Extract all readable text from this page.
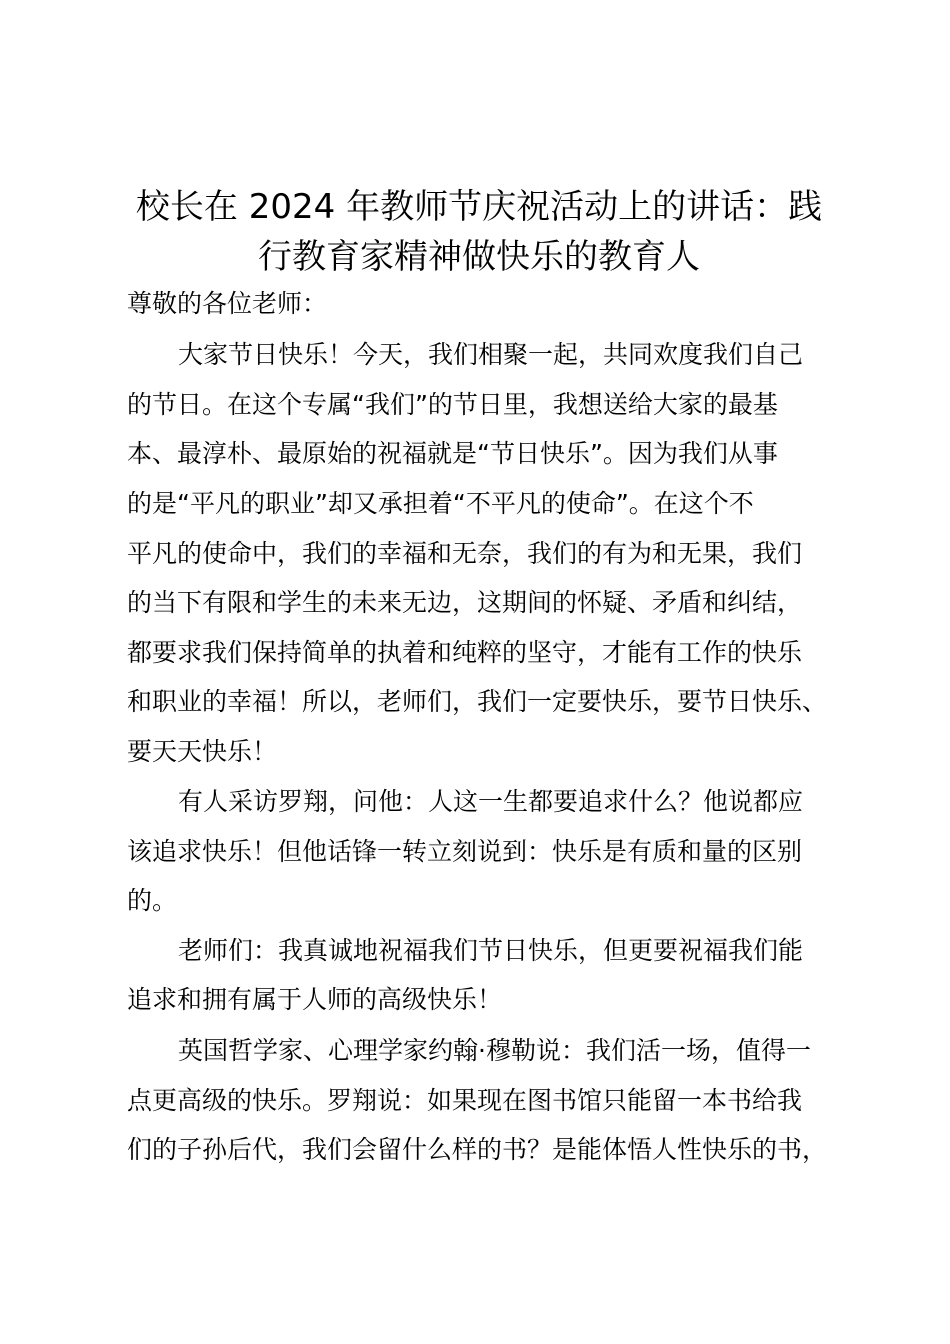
校长在 2024 年教师节庆祝活动上的讲话：践
行教育家精神做快乐的教育人
尊敬的各位老师：
大家节日快乐！今天，我们相聚一起，共同欢度我们自己
的节日。在这个专属“我们”的节日里，我想送给大家的最基
本、最淳朴、最原始的祝福就是“节日快乐”。因为我们从事
的是“平凡的职业”却又承担着“不平凡的使命”。在这个不
平凡的使命中，我们的幸福和无奈，我们的有为和无果，我们
的当下有限和学生的未来无边，这期间的怀疑、矛盾和纠结，
都要求我们保持简单的执着和纯粹的坚守，才能有工作的快乐
和职业的幸福！所以，老师们，我们一定要快乐，要节日快乐、
要天天快乐！
有人采访罗翔，问他：人这一生都要追求什么？他说都应
该追求快乐！但他话锋一转立刻说到：快乐是有质和量的区别
的。
老师们：我真诚地祝福我们节日快乐，但更要祝福我们能
追求和拥有属于人师的高级快乐！
英国哲学家、心理学家约翰·穆勒说：我们活一场，值得一
点更高级的快乐。罗翔说：如果现在图书馆只能留一本书给我
们的子孙后代，我们会留什么样的书？是能体悟人性快乐的书，
